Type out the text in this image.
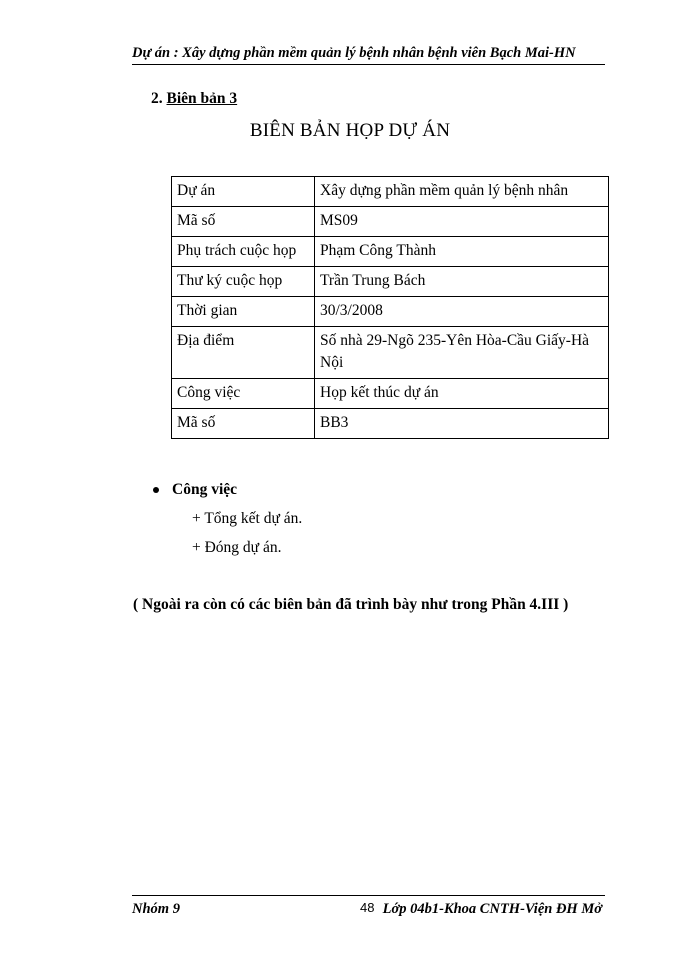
Dự án : Xây dựng phần mềm quản lý bệnh nhân bệnh viên Bạch Mai-HN
2. Biên bản 3
BIÊN BẢN HỌP DỰ ÁN
Dự án	Xây dựng phần mềm quản lý bệnh nhân
Mã số	MS09
Phụ trách cuộc họp	Phạm Công Thành
Thư ký cuộc họp	Trần Trung Bách
Thời gian	30/3/2008
Địa điểm	Số nhà 29-Ngõ 235-Yên Hòa-Cầu Giấy-Hà Nội
Công việc	Họp kết thúc dự án
Mã số	BB3
Công việc
+ Tổng kết dự án.
+ Đóng dự án.
( Ngoài ra còn có các biên bản đã trình bày như trong Phần 4.III )
Nhóm 9	48 Lớp 04b1-Khoa CNTH-Viện ĐH Mở
